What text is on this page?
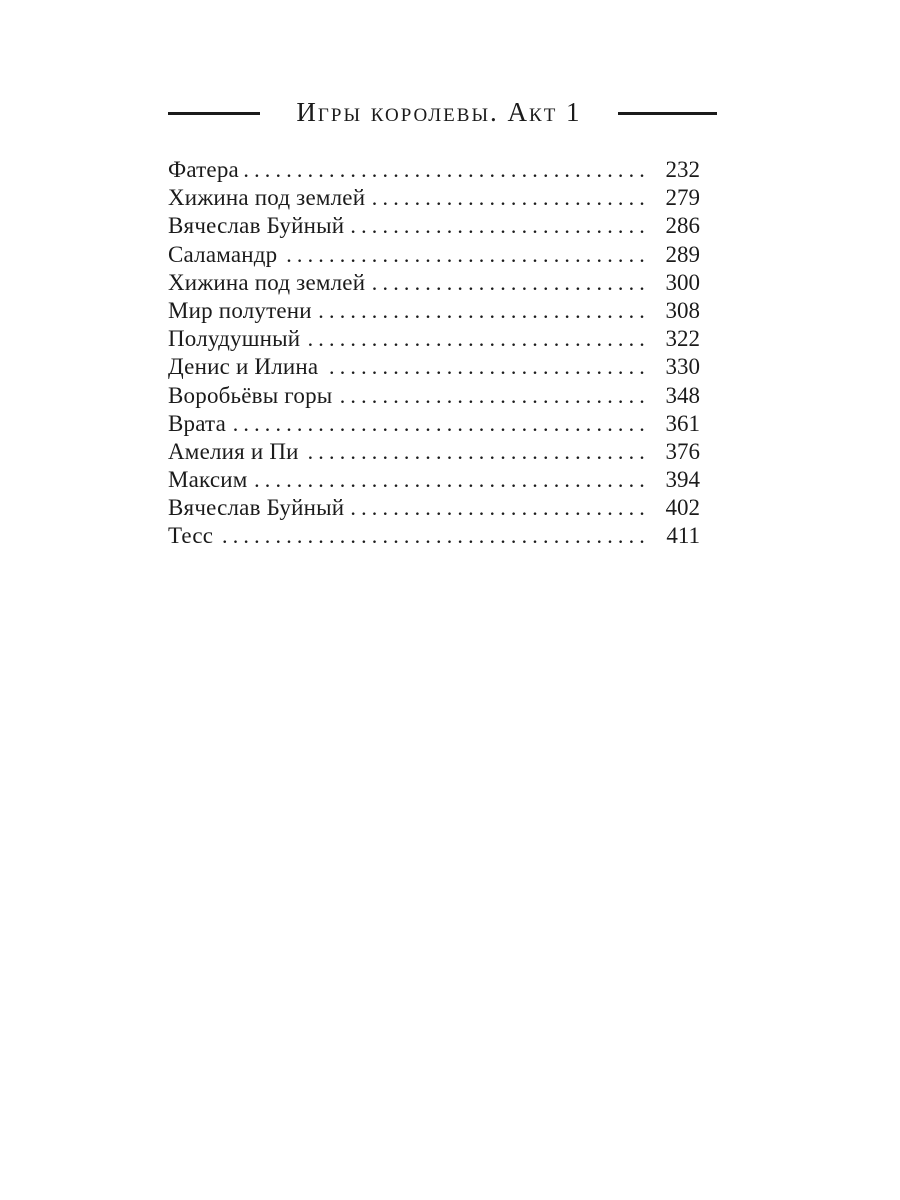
Игры королевы. Акт 1
Фатера .....	232
Хижина под землей .....	279
Вячеслав Буйный .....	286
Саламандр .....	289
Хижина под землей .....	300
Мир полутени .....	308
Полудушный .....	322
Денис и Илина .....	330
Воробьёвы горы .....	348
Врата .....	361
Амелия и Пи .....	376
Максим .....	394
Вячеслав Буйный .....	402
Тесс .....	411
